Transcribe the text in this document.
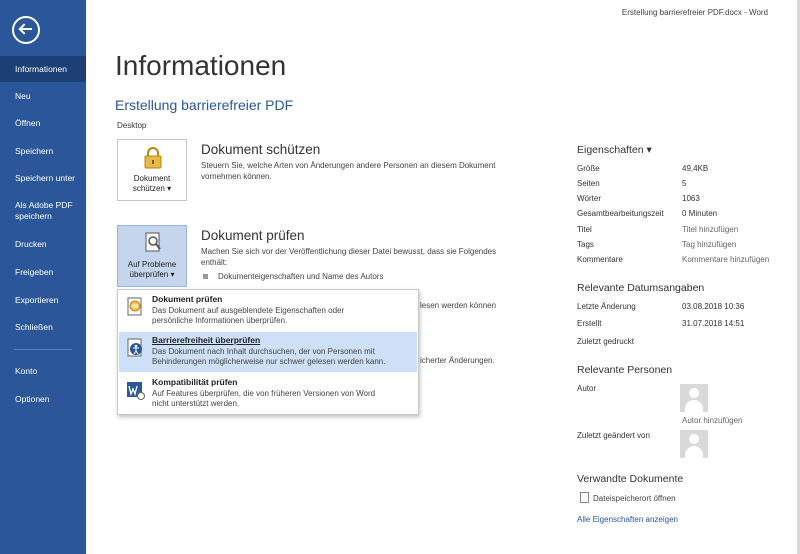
Informationen
Neu
Öffnen
Speichern
Speichern unter
Als Adobe PDF
speichern
Drucken
Freigeben
Exportieren
Schließen
Konto
Optionen
Erstellung barrierefreier PDF.docx - Word
Informationen
Erstellung barrierefreier PDF
Desktop
Dokument
schützen ▾
Dokument schützen
Steuern Sie, welche Arten von Änderungen andere Personen an diesem Dokument
vornehmen können.
Auf Probleme
überprüfen ▾
Dokument prüfen
Machen Sie sich vor der Veröffentlichung dieser Datei bewusst, dass sie Folgendes
enthält:
Dokumenteigenschaften und Name des Autors
lesen werden können
icherter Änderungen.
Dokument prüfen
Das Dokument auf ausgeblendete Eigenschaften oder
persönliche Informationen überprüfen.
Barrierefreiheit überprüfen
Das Dokument nach Inhalt durchsuchen, der von Personen mit
Behinderungen möglicherweise nur schwer gelesen werden kann.
Kompatibilität prüfen
Auf Features überprüfen, die von früheren Versionen von Word
nicht unterstützt werden.
Eigenschaften ▾
Größe	49,4KB
Seiten	5
Wörter	1063
Gesamtbearbeitungszeit 0 Minuten
Titel	Titel hinzufügen
Tags	Tag hinzufügen
Kommentare	Kommentare hinzufügen
Relevante Datumsangaben
Letzte Änderung	03.08.2018 10:36
Erstellt	31.07.2018 14:51
Zuletzt gedruckt
Relevante Personen
Autor
Autor hinzufügen
Zuletzt geändert von
Verwandte Dokumente
Dateispeicherort öffnen
Alle Eigenschaften anzeigen
